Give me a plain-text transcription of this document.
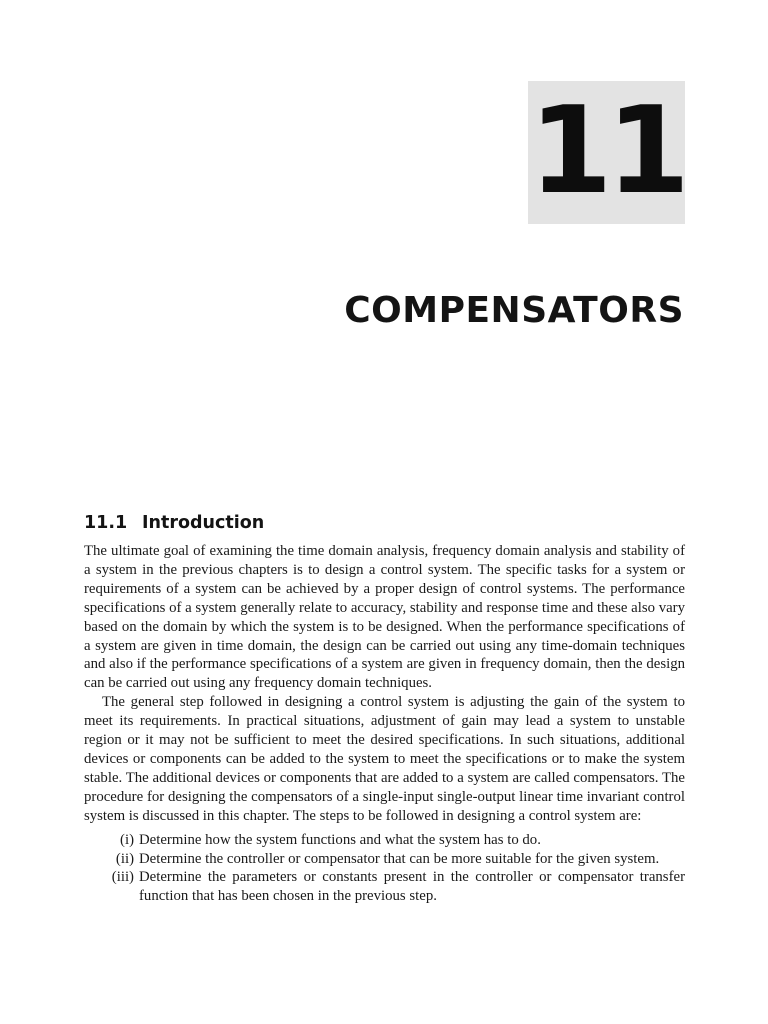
11
COMPENSATORS
11.1 Introduction

The ultimate goal of examining the time domain analysis, frequency domain analysis and stability of a system in the previous chapters is to design a control system. The specific tasks for a system or requirements of a system can be achieved by a proper design of control systems. The performance specifications of a system generally relate to accuracy, stability and response time and these also vary based on the domain by which the system is to be designed. When the performance specifications of a system are given in time domain, the design can be carried out using any time-domain techniques and also if the performance specifications of a system are given in frequency domain, then the design can be carried out using any frequency domain techniques.

The general step followed in designing a control system is adjusting the gain of the system to meet its requirements. In practical situations, adjustment of gain may lead a system to unstable region or it may not be sufficient to meet the desired specifications. In such situations, additional devices or components can be added to the system to meet the specifications or to make the system stable. The additional devices or components that are added to a system are called compensators. The procedure for designing the compensators of a single-input single-output linear time invariant control system is discussed in this chapter. The steps to be followed in designing a control system are:

(i) Determine how the system functions and what the system has to do.
(ii) Determine the controller or compensator that can be more suitable for the given system.
(iii) Determine the parameters or constants present in the controller or compensator transfer function that has been chosen in the previous step.
